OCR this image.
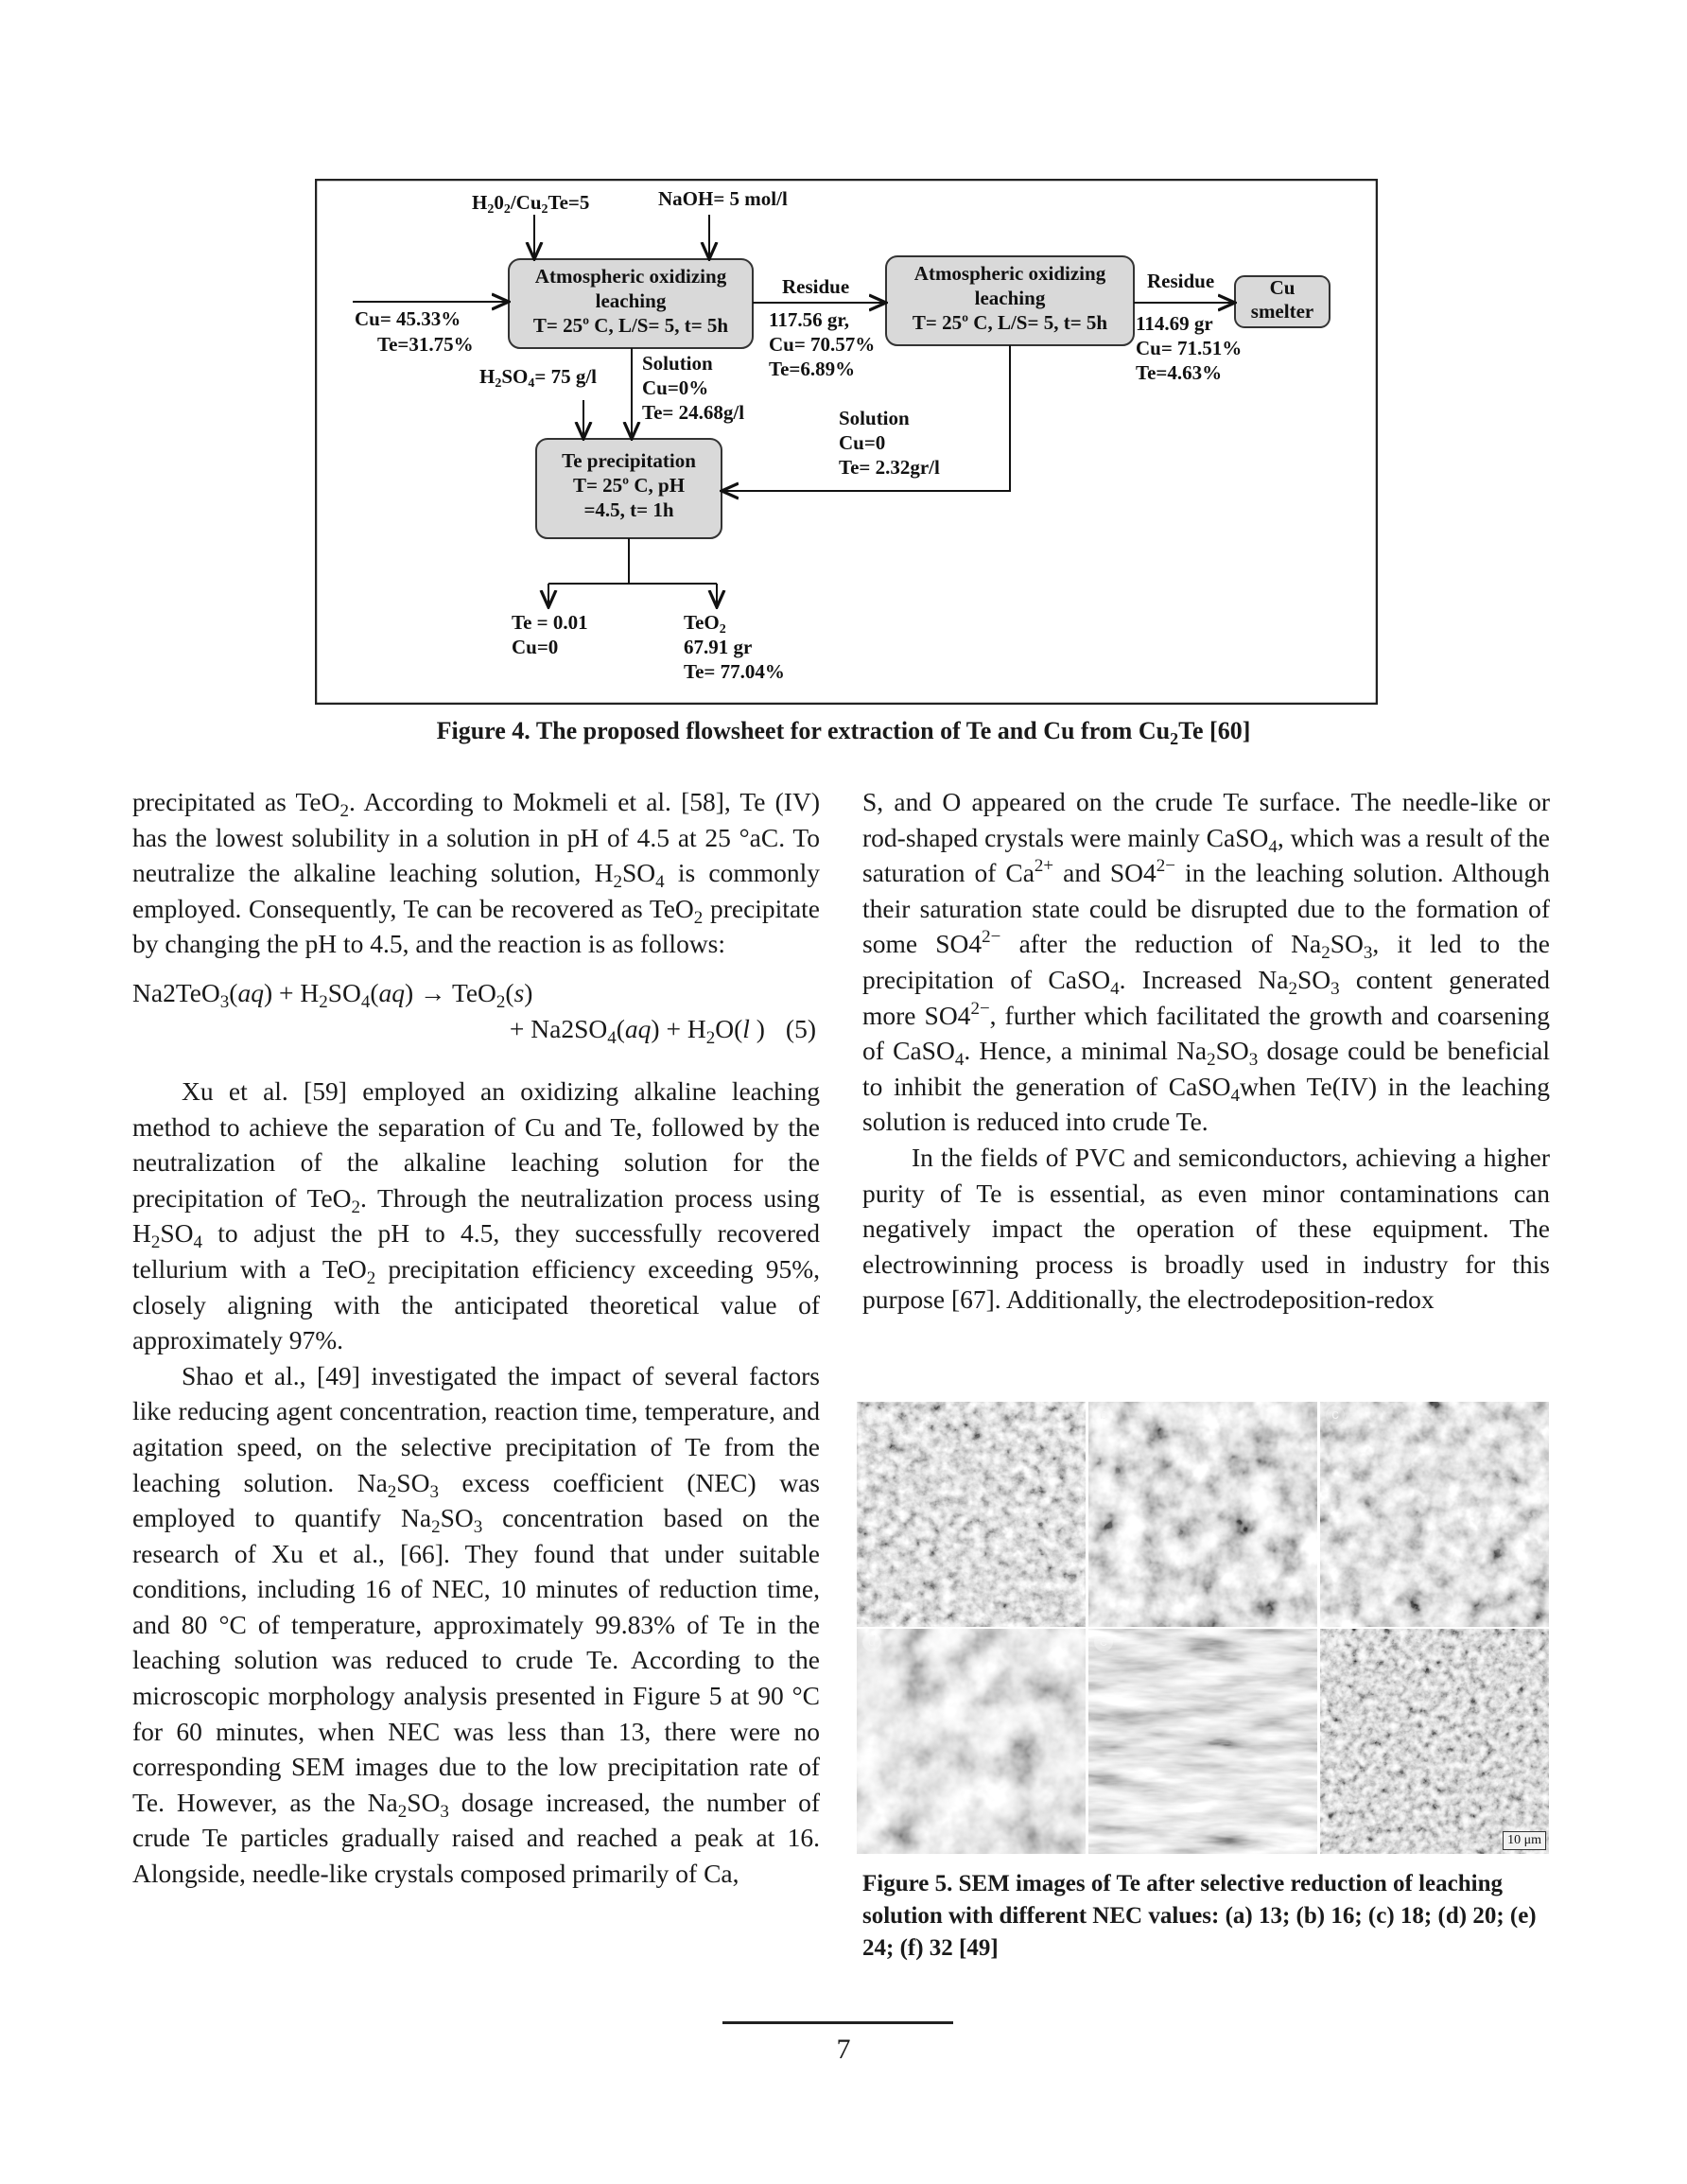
$H_20_2/Cu_2Te=5$	NaOH= 5 mol/l
Cu= 45.33%
Te=31.75%
Atmospheric oxidizing
leaching
T= 25º C, L/S= 5, t= 5h
Atmospheric oxidizing
leaching
T= 25º C, L/S= 5, t= 5h
Te precipitation
T= 25º C, pH
=4.5, t= 1h
Cu
smelter
Residue
117.56 gr,
Cu= 70.57%
Te=6.89%
Residue
114.69 gr
Cu= 71.51%
Te=4.63%
$H_2SO_4= 75$ g/l
Solution
Cu=0%
Te= 24.68g/l	Solution
Cu=0
Te= 2.32gr/l
Te = 0.01
Cu=0
TeO$_2$
67.91 gr
Te= 77.04%
Figure 4. The proposed flowsheet for extraction of Te and Cu from $Cu_2Te$ [60]

precipitated as TeO$_2$. According to Mokmeli et al. [58], Te (IV) has the lowest solubility in a solution in pH of 4.5 at 25 °aC. To neutralize the alkaline leaching solution, $H_2SO_4$ is commonly employed. Consequently, Te can be recovered as TeO$_2$ precipitate by changing the pH to 4.5, and the reaction is as follows:

$Na2TeO_3(aq) + H_2SO_4(aq) \to TeO_2(s)$
+ $Na2SO_4(aq) + H_2O(l$ ) (5)

Xu et al. [59] employed an oxidizing alkaline leaching method to achieve the separation of Cu and Te, followed by the neutralization of the alkaline leaching solution for the precipitation of TeO$_2$. Through the neutralization process using $H_2SO_4$ to adjust the pH to 4.5, they successfully recovered tellurium with a TeO$_2$ precipitation efficiency exceeding 95%, closely aligning with the anticipated theoretical value of approximately 97%.

Shao et al., [49] investigated the impact of several factors like reducing agent concentration, reaction time, temperature, and agitation speed, on the selective precipitation of Te from the leaching solution. $Na_2SO_3$ excess coefficient (NEC) was employed to quantify $Na_2SO_3$ concentration based on the research of Xu et al., [66]. They found that under suitable conditions, including 16 of NEC, 10 minutes of reduction time, and 80 °C of temperature, approximately 99.83% of Te in the leaching solution was reduced to crude Te. According to the microscopic morphology analysis presented in Figure 5 at 90 °C for 60 minutes, when NEC was less than 13, there were no corresponding SEM images due to the low precipitation rate of Te. However, as the $Na_2SO_3$ dosage increased, the number of crude Te particles gradually raised and reached a peak at 16. Alongside, needle-like crystals composed primarily of Ca,

S, and O appeared on the crude Te surface. The needle-like or rod-shaped crystals were mainly CaSO$_4$, which was a result of the saturation of $Ca^{2+}$ and $SO4^{2-}$ in the leaching solution. Although their saturation state could be disrupted due to the formation of some $SO4^{2-}$ after the reduction of $Na_2SO_3$, it led to the precipitation of CaSO$_4$. Increased $Na_2SO_3$ content generated more $SO4^{2-}$, further which facilitated the growth and coarsening of CaSO$_4$. Hence, a minimal $Na_2SO_3$ dosage could be beneficial to inhibit the generation of CaSO$_4$when Te(IV) in the leaching solution is reduced into crude Te.

In the fields of PVC and semiconductors, achieving a higher purity of Te is essential, as even minor contaminations can negatively impact the operation of these equipment. The electrowinning process is broadly used in industry for this purpose [67]. Additionally, the electrodeposition-redox

a	b	c
d	e	f
10 μm
Figure 5. SEM images of Te after selective reduction of leaching solution with different NEC values: (a) 13; (b) 16; (c) 18; (d) 20; (e) 24; (f) 32 [49]
7
